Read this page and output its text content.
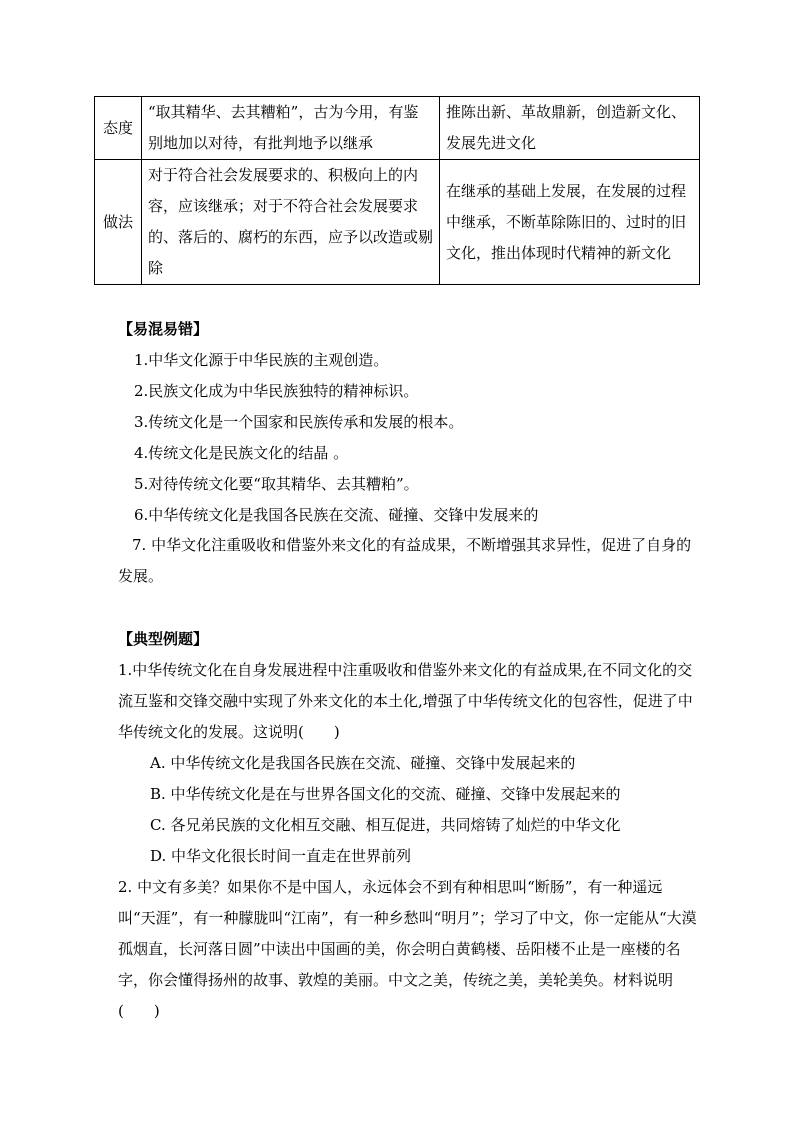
态度	“取其精华、去其糟粕”，古为今用，有鉴别地加以对待，有批判地予以继承	推陈出新、革故鼎新，创造新文化、发展先进文化
做法	对于符合社会发展要求的、积极向上的内容，应该继承；对于不符合社会发展要求的、落后的、腐朽的东西，应予以改造或剔除	在继承的基础上发展，在发展的过程中继承，不断革除陈旧的、过时的旧文化，推出体现时代精神的新文化
【易混易错】
1.中华文化源于中华民族的主观创造。
2.民族文化成为中华民族独特的精神标识。
3.传统文化是一个国家和民族传承和发展的根本。
4.传统文化是民族文化的结晶 。
5.对待传统文化要“取其精华、去其糟粕”。
6.中华传统文化是我国各民族在交流、碰撞、交锋中发展来的
7. 中华文化注重吸收和借鉴外来文化的有益成果，不断增强其求异性，促进了自身的发展。
【典型例题】
1.中华传统文化在自身发展进程中注重吸收和借鉴外来文化的有益成果,在不同文化的交流互鉴和交锋交融中实现了外来文化的本土化,增强了中华传统文化的包容性，促进了中华传统文化的发展。这说明(　　)
A. 中华传统文化是我国各民族在交流、碰撞、交锋中发展起来的
B. 中华传统文化是在与世界各国文化的交流、碰撞、交锋中发展起来的
C. 各兄弟民族的文化相互交融、相互促进，共同熔铸了灿烂的中华文化
D. 中华文化很长时间一直走在世界前列
2. 中文有多美？如果你不是中国人，永远体会不到有种相思叫“断肠”，有一种遥远叫“天涯”，有一种朦胧叫“江南”，有一种乡愁叫“明月”；学习了中文，你一定能从“大漠孤烟直，长河落日圆”中读出中国画的美，你会明白黄鹤楼、岳阳楼不止是一座楼的名字，你会懂得扬州的故事、敦煌的美丽。中文之美，传统之美，美轮美奂。材料说明(　　)
